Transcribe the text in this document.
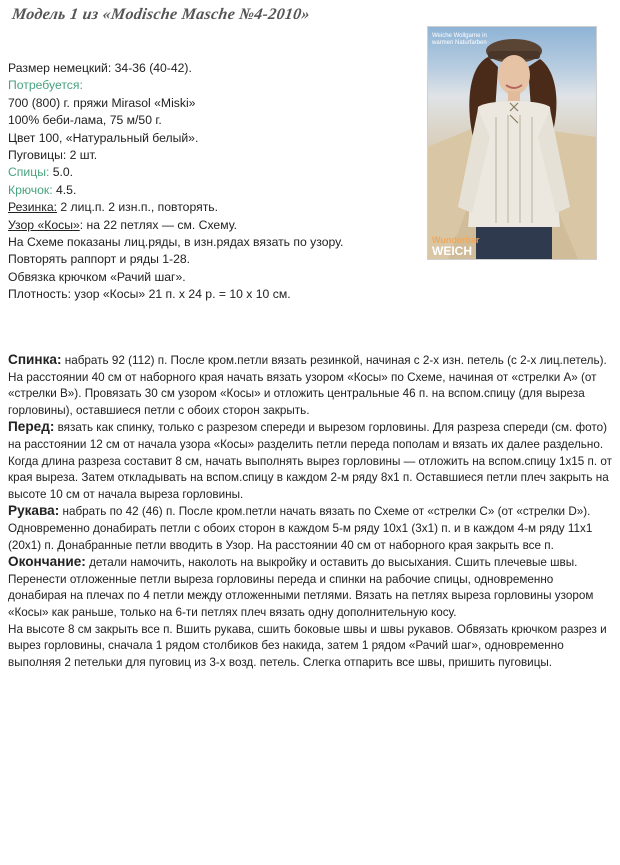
Модель 1 из «Modische Masche №4-2010»
Размер немецкий: 34-36 (40-42).
Потребуется:
700 (800) г. пряжи Mirasol «Miski»
100% беби-лама, 75 м/50 г.
Цвет 100, «Натуральный белый».
Пуговицы: 2 шт.
Спицы: 5.0.
Крючок: 4.5.
Резинка: 2 лиц.п. 2 изн.п., повторять.
Узор «Косы»: на 22 петлях — см. Схему.
На Схеме показаны лиц.ряды, в изн.рядах вязать по узору.
Повторять раппорт и ряды 1-28.
Обвязка крючком «Рачий шаг».
Плотность: узор «Косы» 21 п. х 24 р. = 10 х 10 см.
Weiche Wollgarne in warmen Naturfarben
Wunderbar
WEICH

Спинка: набрать 92 (112) п. После кром.петли вязать резинкой, начиная с 2-х изн. петель (с 2-х лиц.петель). На расстоянии 40 см от наборного края начать вязать узором «Косы» по Схеме, начиная от «стрелки А» (от «стрелки В»). Провязать 30 см узором «Косы» и отложить центральные 46 п. на вспом.спицу (для выреза горловины), оставшиеся петли с обоих сторон закрыть.

Перед: вязать как спинку, только с разрезом спереди и вырезом горловины. Для разреза спереди (см. фото) на расстоянии 12 см от начала узора «Косы» разделить петли переда пополам и вязать их далее раздельно.

Когда длина разреза составит 8 см, начать выполнять вырез горловины — отложить на вспом.спицу 1х15 п. от края выреза. Затем откладывать на вспом.спицу в каждом 2-м ряду 8х1 п. Оставшиеся петли плеч закрыть на высоте 10 см от начала выреза горловины.

Рукава: набрать по 42 (46) п. После кром.петли начать вязать по Схеме от «стрелки С» (от «стрелки D»). Одновременно донабирать петли с обоих сторон в каждом 5-м ряду 10х1 (3х1) п. и в каждом 4-м ряду 11х1 (20х1) п. Донабранные петли вводить в Узор. На расстоянии 40 см от наборного края закрыть все п.

Окончание: детали намочить, наколоть на выкройку и оставить до высыхания. Сшить плечевые швы. Перенести отложенные петли выреза горловины переда и спинки на рабочие спицы, одновременно донабирая на плечах по 4 петли между отложенными петлями. Вязать на петлях выреза горловины узором «Косы» как раньше, только на 6-ти петлях плеч вязать одну дополнительную косу.

На высоте 8 см закрыть все п. Вшить рукава, сшить боковые швы и швы рукавов. Обвязать крючком разрез и вырез горловины, сначала 1 рядом столбиков без накида, затем 1 рядом «Рачий шаг», одновременно выполняя 2 петельки для пуговиц из 3-х возд. петель. Слегка отпарить все швы, пришить пуговицы.
